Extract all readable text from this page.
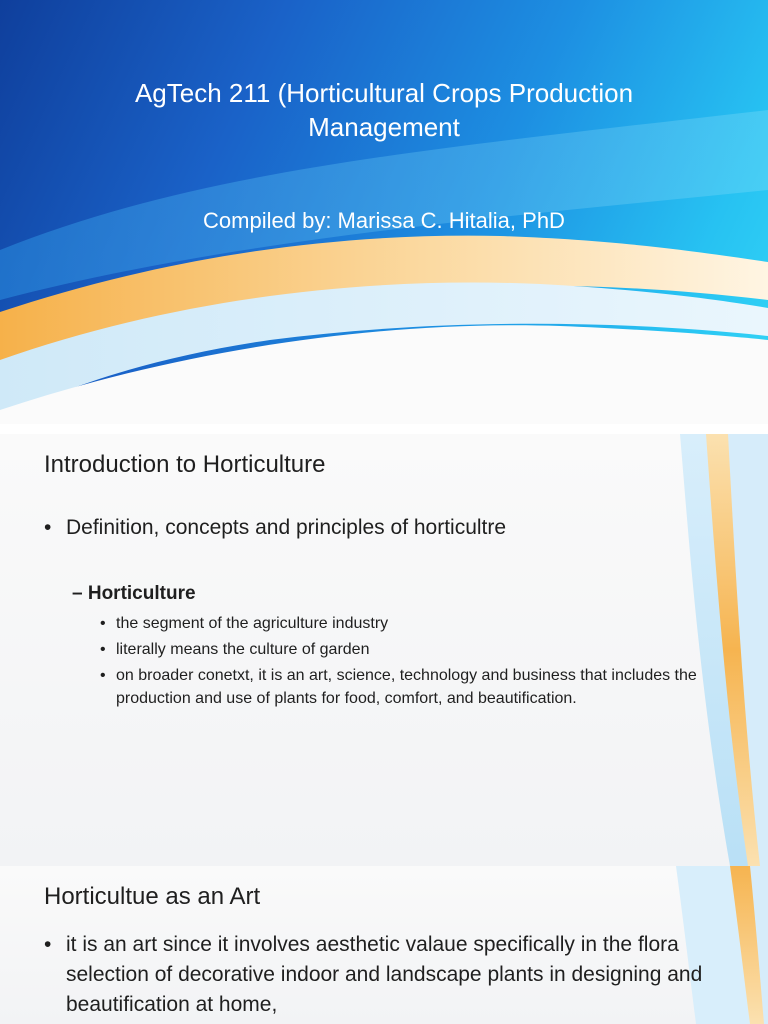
AgTech 211 (Horticultural Crops Production Management
Compiled by: Marissa C. Hitalia, PhD
Introduction to Horticulture
• Definition, concepts and principles of horticultre
– Horticulture
• the segment of the agriculture industry
• literally means the culture of garden
• on broader conetxt, it is an art, science, technology and business that includes the production and use of plants for food, comfort, and beautification.
Horticultue as an Art
• it is an art since it involves aesthetic valaue specifically in the flora selection of decorative indoor and landscape plants in designing and beautification at home,
